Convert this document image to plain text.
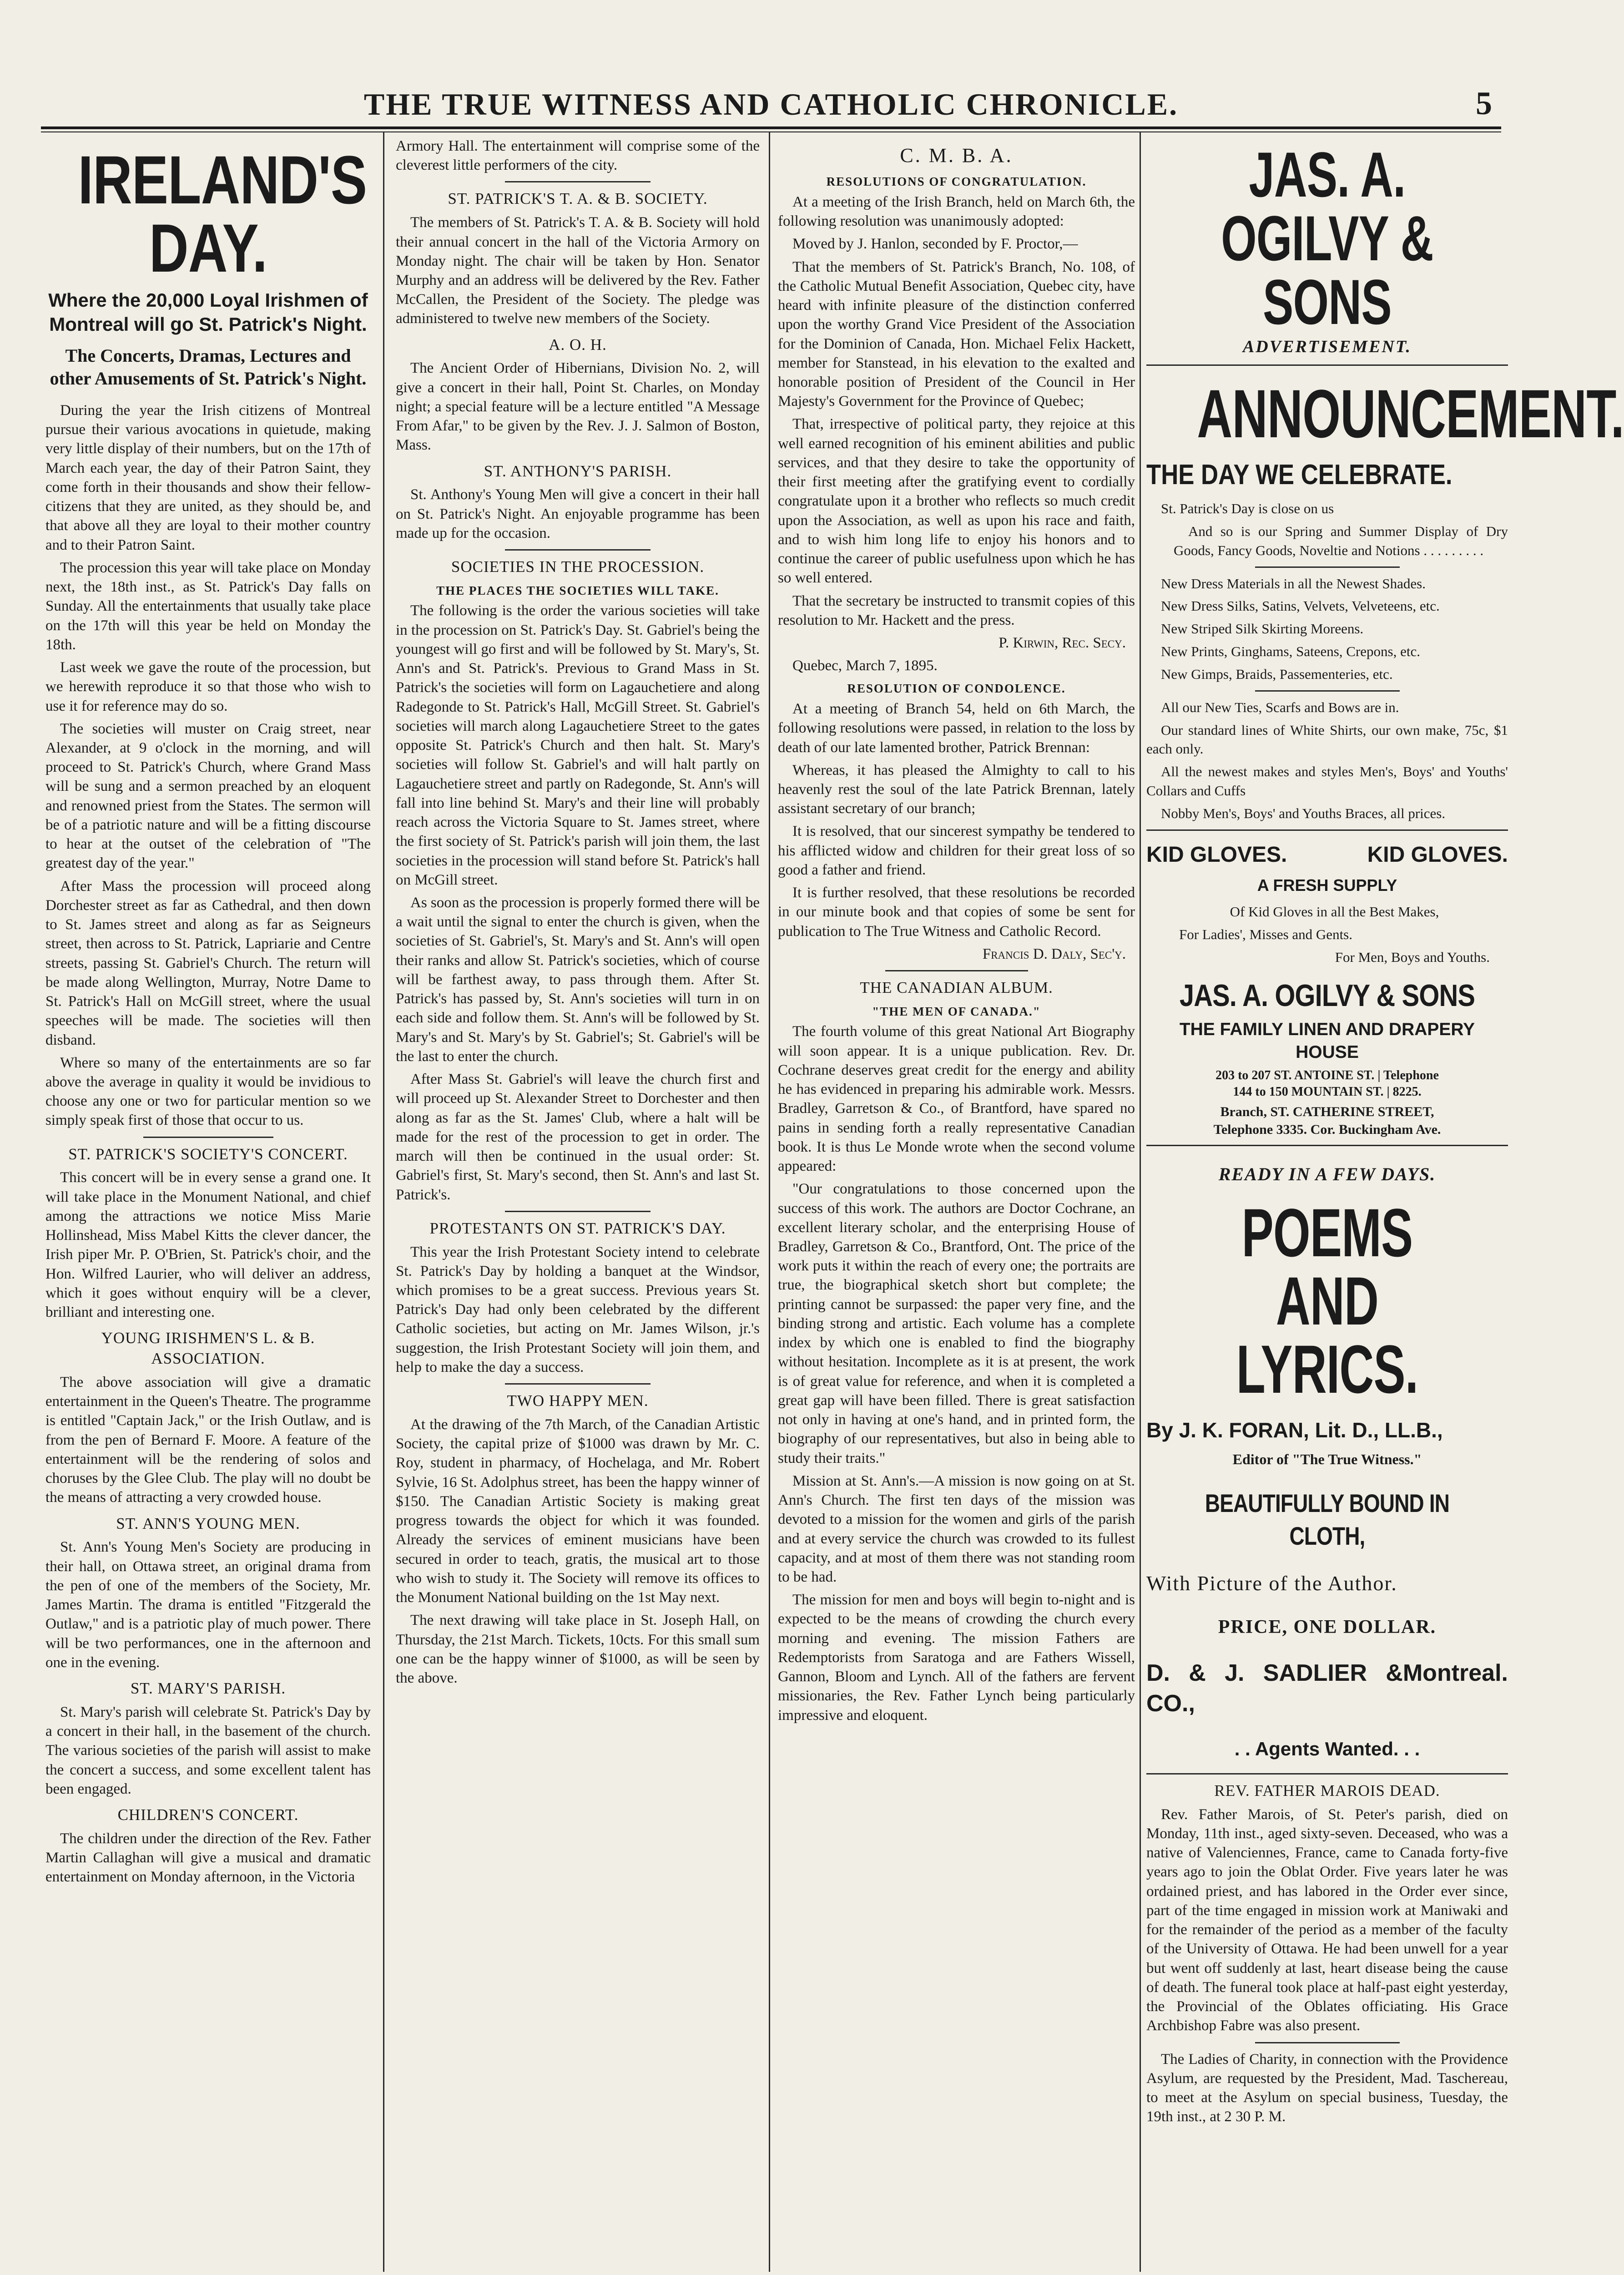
THE TRUE WITNESS AND CATHOLIC CHRONICLE.	5
IRELAND'S DAY.
Where the 20,000 Loyal Irishmen of Montreal will go St. Patrick's Night.
The Concerts, Dramas, Lectures and other Amusements of St. Patrick's Night.

During the year the Irish citizens of Montreal pursue their various avocations in quietude, making very little display of their numbers, but on the 17th of March each year, the day of their Patron Saint, they come forth in their thousands and show their fellow-citizens that they are united, as they should be, and that above all they are loyal to their mother country and to their Patron Saint.

The procession this year will take place on Monday next, the 18th inst., as St. Patrick's Day falls on Sunday. All the entertainments that usually take place on the 17th will this year be held on Monday the 18th.

Last week we gave the route of the procession, but we herewith reproduce it so that those who wish to use it for reference may do so.

The societies will muster on Craig street, near Alexander, at 9 o'clock in the morning, and will proceed to St. Patrick's Church, where Grand Mass will be sung and a sermon preached by an eloquent and renowned priest from the States. The sermon will be of a patriotic nature and will be a fitting discourse to hear at the outset of the celebration of "The greatest day of the year."

After Mass the procession will proceed along Dorchester street as far as Cathedral, and then down to St. James street and along as far as Seigneurs street, then across to St. Patrick, Lapriarie and Centre streets, passing St. Gabriel's Church. The return will be made along Wellington, Murray, Notre Dame to St. Patrick's Hall on McGill street, where the usual speeches will be made. The societies will then disband.

Where so many of the entertainments are so far above the average in quality it would be invidious to choose any one or two for particular mention so we simply speak first of those that occur to us.

ST. PATRICK'S SOCIETY'S CONCERT.

This concert will be in every sense a grand one. It will take place in the Monument National, and chief among the attractions we notice Miss Marie Hollinshead, Miss Mabel Kitts the clever dancer, the Irish piper Mr. P. O'Brien, St. Patrick's choir, and the Hon. Wilfred Laurier, who will deliver an address, which it goes without enquiry will be a clever, brilliant and interesting one.

YOUNG IRISHMEN'S L. & B. ASSOCIATION.

The above association will give a dramatic entertainment in the Queen's Theatre. The programme is entitled "Captain Jack," or the Irish Outlaw, and is from the pen of Bernard F. Moore. A feature of the entertainment will be the rendering of solos and choruses by the Glee Club. The play will no doubt be the means of attracting a very crowded house.

ST. ANN'S YOUNG MEN.

St. Ann's Young Men's Society are producing in their hall, on Ottawa street, an original drama from the pen of one of the members of the Society, Mr. James Martin. The drama is entitled "Fitzgerald the Outlaw," and is a patriotic play of much power. There will be two performances, one in the afternoon and one in the evening.

ST. MARY'S PARISH.

St. Mary's parish will celebrate St. Patrick's Day by a concert in their hall, in the basement of the church. The various societies of the parish will assist to make the concert a success, and some excellent talent has been engaged.

CHILDREN'S CONCERT.

The children under the direction of the Rev. Father Martin Callaghan will give a musical and dramatic entertainment on Monday afternoon, in the Victoria

Armory Hall. The entertainment will comprise some of the cleverest little performers of the city.

ST. PATRICK'S T. A. & B. SOCIETY.

The members of St. Patrick's T. A. & B. Society will hold their annual concert in the hall of the Victoria Armory on Monday night. The chair will be taken by Hon. Senator Murphy and an address will be delivered by the Rev. Father McCallen, the President of the Society. The pledge was administered to twelve new members of the Society.

A. O. H.

The Ancient Order of Hibernians, Division No. 2, will give a concert in their hall, Point St. Charles, on Monday night; a special feature will be a lecture entitled "A Message From Afar," to be given by the Rev. J. J. Salmon of Boston, Mass.

ST. ANTHONY'S PARISH.

St. Anthony's Young Men will give a concert in their hall on St. Patrick's Night. An enjoyable programme has been made up for the occasion.

SOCIETIES IN THE PROCESSION.
THE PLACES THE SOCIETIES WILL TAKE.

The following is the order the various societies will take in the procession on St. Patrick's Day. St. Gabriel's being the youngest will go first and will be followed by St. Mary's, St. Ann's and St. Patrick's. Previous to Grand Mass in St. Patrick's the societies will form on Lagauchetiere and along Radegonde to St. Patrick's Hall, McGill Street. St. Gabriel's societies will march along Lagauchetiere Street to the gates opposite St. Patrick's Church and then halt. St. Mary's societies will follow St. Gabriel's and will halt partly on Lagauchetiere street and partly on Radegonde, St. Ann's will fall into line behind St. Mary's and their line will probably reach across the Victoria Square to St. James street, where the first society of St. Patrick's parish will join them, the last societies in the procession will stand before St. Patrick's hall on McGill street.

As soon as the procession is properly formed there will be a wait until the signal to enter the church is given, when the societies of St. Gabriel's, St. Mary's and St. Ann's will open their ranks and allow St. Patrick's societies, which of course will be farthest away, to pass through them. After St. Patrick's has passed by, St. Ann's societies will turn in on each side and follow them. St. Ann's will be followed by St. Mary's and St. Mary's by St. Gabriel's; St. Gabriel's will be the last to enter the church.

After Mass St. Gabriel's will leave the church first and will proceed up St. Alexander Street to Dorchester and then along as far as the St. James' Club, where a halt will be made for the rest of the procession to get in order. The march will then be continued in the usual order: St. Gabriel's first, St. Mary's second, then St. Ann's and last St. Patrick's.

PROTESTANTS ON ST. PATRICK'S DAY.

This year the Irish Protestant Society intend to celebrate St. Patrick's Day by holding a banquet at the Windsor, which promises to be a great success. Previous years St. Patrick's Day had only been celebrated by the different Catholic societies, but acting on Mr. James Wilson, jr.'s suggestion, the Irish Protestant Society will join them, and help to make the day a success.

TWO HAPPY MEN.

At the drawing of the 7th March, of the Canadian Artistic Society, the capital prize of $1000 was drawn by Mr. C. Roy, student in pharmacy, of Hochelaga, and Mr. Robert Sylvie, 16 St. Adolphus street, has been the happy winner of $150. The Canadian Artistic Society is making great progress towards the object for which it was founded. Already the services of eminent musicians have been secured in order to teach, gratis, the musical art to those who wish to study it. The Society will remove its offices to the Monument National building on the 1st May next.

The next drawing will take place in St. Joseph Hall, on Thursday, the 21st March. Tickets, 10cts. For this small sum one can be the happy winner of $1000, as will be seen by the above.

C. M. B. A.
RESOLUTIONS OF CONGRATULATION.

At a meeting of the Irish Branch, held on March 6th, the following resolution was unanimously adopted:

Moved by J. Hanlon, seconded by F. Proctor,—

That the members of St. Patrick's Branch, No. 108, of the Catholic Mutual Benefit Association, Quebec city, have heard with infinite pleasure of the distinction conferred upon the worthy Grand Vice President of the Association for the Dominion of Canada, Hon. Michael Felix Hackett, member for Stanstead, in his elevation to the exalted and honorable position of President of the Council in Her Majesty's Government for the Province of Quebec;

That, irrespective of political party, they rejoice at this well earned recognition of his eminent abilities and public services, and that they desire to take the opportunity of their first meeting after the gratifying event to cordially congratulate upon it a brother who reflects so much credit upon the Association, as well as upon his race and faith, and to wish him long life to enjoy his honors and to continue the career of public usefulness upon which he has so well entered.

That the secretary be instructed to transmit copies of this resolution to Mr. Hackett and the press.

P. Kirwin, Rec. Secy.

Quebec, March 7, 1895.

RESOLUTION OF CONDOLENCE.

At a meeting of Branch 54, held on 6th March, the following resolutions were passed, in relation to the loss by death of our late lamented brother, Patrick Brennan:

Whereas, it has pleased the Almighty to call to his heavenly rest the soul of the late Patrick Brennan, lately assistant secretary of our branch;

It is resolved, that our sincerest sympathy be tendered to his afflicted widow and children for their great loss of so good a father and friend.

It is further resolved, that these resolutions be recorded in our minute book and that copies of some be sent for publication to The True Witness and Catholic Record.

Francis D. Daly, Sec'y.
THE CANADIAN ALBUM.
"THE MEN OF CANADA."

The fourth volume of this great National Art Biography will soon appear. It is a unique publication. Rev. Dr. Cochrane deserves great credit for the energy and ability he has evidenced in preparing his admirable work. Messrs. Bradley, Garretson & Co., of Brantford, have spared no pains in sending forth a really representative Canadian book. It is thus Le Monde wrote when the second volume appeared:

"Our congratulations to those concerned upon the success of this work. The authors are Doctor Cochrane, an excellent literary scholar, and the enterprising House of Bradley, Garretson & Co., Brantford, Ont. The price of the work puts it within the reach of every one; the portraits are true, the biographical sketch short but complete; the printing cannot be surpassed: the paper very fine, and the binding strong and artistic. Each volume has a complete index by which one is enabled to find the biography without hesitation. Incomplete as it is at present, the work is of great value for reference, and when it is completed a great gap will have been filled. There is great satisfaction not only in having at one's hand, and in printed form, the biography of our representatives, but also in being able to study their traits."

Mission at St. Ann's.—A mission is now going on at St. Ann's Church. The first ten days of the mission was devoted to a mission for the women and girls of the parish and at every service the church was crowded to its fullest capacity, and at most of them there was not standing room to be had.

The mission for men and boys will begin to-night and is expected to be the means of crowding the church every morning and evening. The mission Fathers are Redemptorists from Saratoga and are Fathers Wissell, Gannon, Bloom and Lynch. All of the fathers are fervent missionaries, the Rev. Father Lynch being particularly impressive and eloquent.

JAS. A. OGILVY & SONS
ADVERTISEMENT.
ANNOUNCEMENT.
THE DAY WE CELEBRATE.

St. Patrick's Day is close on us

And so is our Spring and Summer Display of Dry Goods, Fancy Goods, Noveltie and Notions . . . . . . . . .

New Dress Materials in all the Newest Shades.

New Dress Silks, Satins, Velvets, Velveteens, etc.

New Striped Silk Skirting Moreens.

New Prints, Ginghams, Sateens, Crepons, etc.

New Gimps, Braids, Passementeries, etc.

All our New Ties, Scarfs and Bows are in.

Our standard lines of White Shirts, our own make, 75c, $1 each only.

All the newest makes and styles Men's, Boys' and Youths' Collars and Cuffs

Nobby Men's, Boys' and Youths Braces, all prices.

KID GLOVES.	KID GLOVES.
A FRESH SUPPLY

Of Kid Gloves in all the Best Makes,

For Ladies', Misses and Gents.

For Men, Boys and Youths.

JAS. A. OGILVY & SONS
THE FAMILY LINEN AND DRAPERY HOUSE
203 to 207 ST. ANTOINE ST. | Telephone
144 to 150 MOUNTAIN ST. | 8225.
Branch, ST. CATHERINE STREET,
Telephone 3335. Cor. Buckingham Ave.
READY IN A FEW DAYS.
POEMS AND LYRICS.
By J. K. FORAN, Lit. D., LL.B.,
Editor of "The True Witness."
BEAUTIFULLY BOUND IN CLOTH,
With Picture of the Author.
PRICE, ONE DOLLAR.
D. & J. SADLIER & CO.,
Montreal.
. . Agents Wanted. . .
REV. FATHER MAROIS DEAD.

Rev. Father Marois, of St. Peter's parish, died on Monday, 11th inst., aged sixty-seven. Deceased, who was a native of Valenciennes, France, came to Canada forty-five years ago to join the Oblat Order. Five years later he was ordained priest, and has labored in the Order ever since, part of the time engaged in mission work at Maniwaki and for the remainder of the period as a member of the faculty of the University of Ottawa. He had been unwell for a year but went off suddenly at last, heart disease being the cause of death. The funeral took place at half-past eight yesterday, the Provincial of the Oblates officiating. His Grace Archbishop Fabre was also present.

The Ladies of Charity, in connection with the Providence Asylum, are requested by the President, Mad. Taschereau, to meet at the Asylum on special business, Tuesday, the 19th inst., at 2 30 P. M.
